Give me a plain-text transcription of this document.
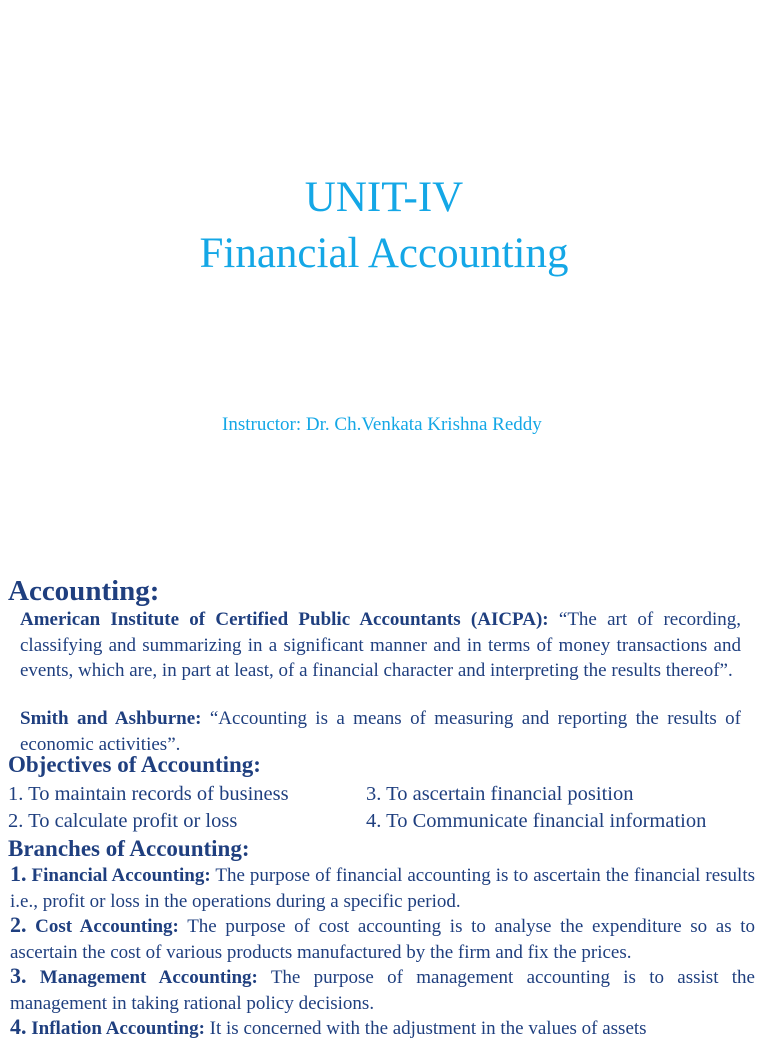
UNIT-IV
Financial Accounting
Instructor: Dr. Ch.Venkata Krishna Reddy
Accounting:
American Institute of Certified Public Accountants (AICPA): “The art of recording, classifying and summarizing in a significant manner and in terms of money transactions and events, which are, in part at least, of a financial character and interpreting the results thereof”.
Smith and Ashburne: “Accounting is a means of measuring and reporting the results of economic activities”.
Objectives of Accounting:
1. To maintain records of business	3. To ascertain financial position
2. To calculate profit or loss	4. To Communicate financial information
Branches of Accounting:
1. Financial Accounting: The purpose of financial accounting is to ascertain the financial results i.e., profit or loss in the operations during a specific period.
2. Cost Accounting: The purpose of cost accounting is to analyse the expenditure so as to ascertain the cost of various products manufactured by the firm and fix the prices.
3. Management Accounting: The purpose of management accounting is to assist the management in taking rational policy decisions.
4. Inflation Accounting: It is concerned with the adjustment in the values of assets
